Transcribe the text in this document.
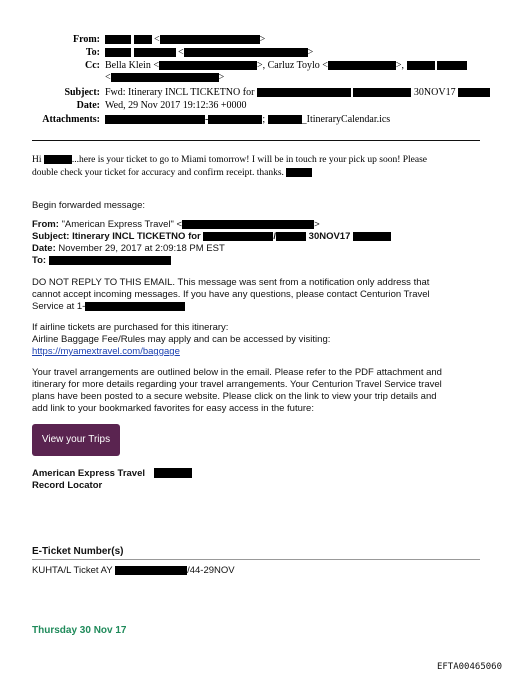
From:	<	>
To:	<	>
Cc: Bella Klein <	>, Carluz Toylo <	>,
<	>
Subject: Fwd: Itinerary INCL TICKETNO for	30NOV17
Date: Wed, 29 Nov 2017 19:12:36 +0000
Attachments:	-	;	_ItineraryCalendar.ics
Hi	...here is your ticket to go to Miami tomorrow! I will be in touch re your pick up soon! Please
double check your ticket for accuracy and confirm receipt. thanks.
Begin forwarded message:
From: "American Express Travel" <	>
Subject: Itinerary INCL TICKETNO for	/	30NOV17
Date: November 29, 2017 at 2:09:18 PM EST
To:
DO NOT REPLY TO THIS EMAIL. This message was sent from a notification only address that
cannot accept incoming messages. If you have any questions, please contact Centurion Travel
Service at 1-
If airline tickets are purchased for this itinerary:
Airline Baggage Fee/Rules may apply and can be accessed by visiting:
https://myamextravel.com/baggage
Your travel arrangements are outlined below in the email. Please refer to the PDF attachment and
itinerary for more details regarding your travel arrangements. Your Centurion Travel Service travel
plans have been posted to a secure website. Please click on the link to view your trip details and
add link to your bookmarked favorites for easy access in the future:
View your Trips
American Express Travel
Record Locator
E-Ticket Number(s)
KUHTA/L Ticket AY	/44-29NOV
Thursday 30 Nov 17
EFTA00465060
